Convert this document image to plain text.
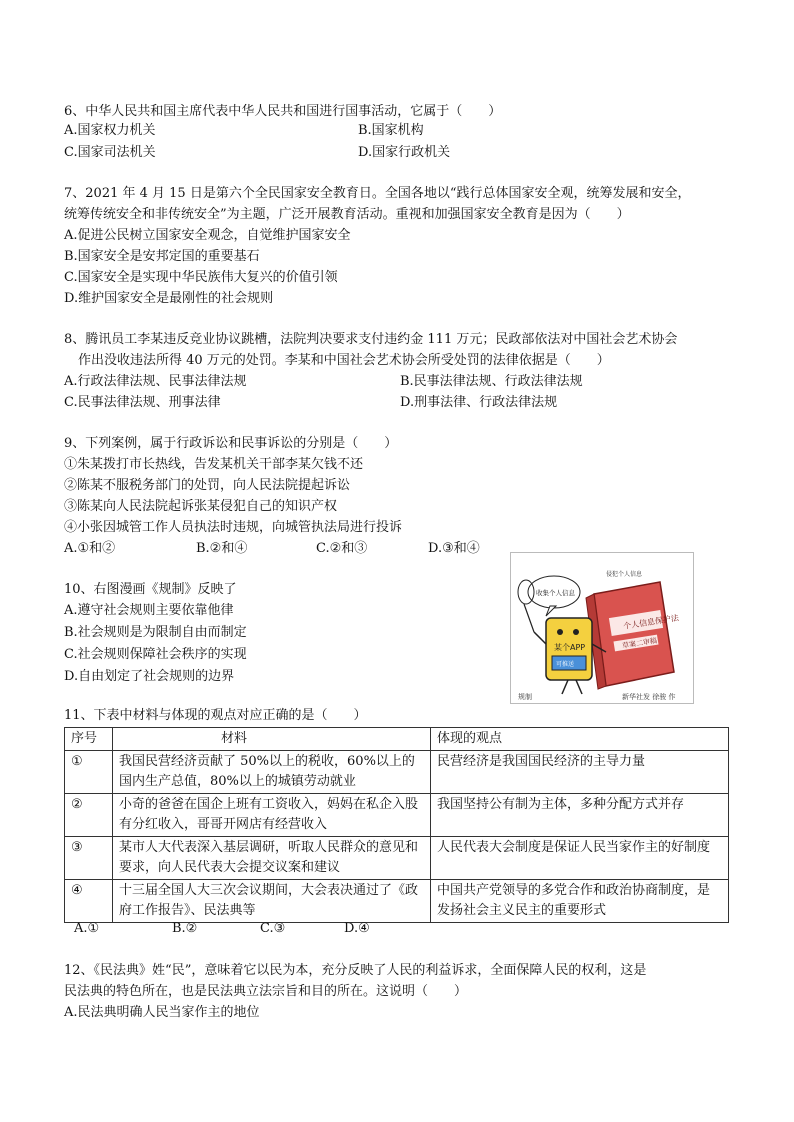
6、中华人民共和国主席代表中华人民共和国进行国事活动，它属于（　　）
A.国家权力机关	B.国家机构
C.国家司法机关	D.国家行政机关
7、2021 年 4 月 15 日是第六个全民国家安全教育日。全国各地以“践行总体国家安全观，统筹发展和安全，
统筹传统安全和非传统安全”为主题，广泛开展教育活动。重视和加强国家安全教育是因为（　　）
A.促进公民树立国家安全观念，自觉维护国家安全
B.国家安全是安邦定国的重要基石
C.国家安全是实现中华民族伟大复兴的价值引领
D.维护国家安全是最刚性的社会规则
8、腾讯员工李某违反竞业协议跳槽，法院判决要求支付违约金 111 万元；民政部依法对中国社会艺术协会
作出没收违法所得 40 万元的处罚。李某和中国社会艺术协会所受处罚的法律依据是（　　）
A.行政法律法规、民事法律法规	B.民事法律法规、行政法律法规
C.民事法律法规、刑事法律	D.刑事法律、行政法律法规
9、下列案例，属于行政诉讼和民事诉讼的分别是（　　）
①朱某拨打市长热线，告发某机关干部李某欠钱不还
②陈某不服税务部门的处罚，向人民法院提起诉讼
③陈某向人民法院起诉张某侵犯自己的知识产权
④小张因城管工作人员执法时违规，向城管执法局进行投诉
A.①和②	B.②和④	C.②和③	D.③和④
10、右图漫画《规制》反映了
A.遵守社会规则主要依靠他律
B.社会规则是为限制自由而制定
C.社会规则保障社会秩序的实现
D.自由划定了社会规则的边界
个人信息保护法
草案二审稿
侵犯个人信息
收集个人信息
某个APP
可推送
规制	新华社发 徐骏 作
11、下表中材料与体现的观点对应正确的是（　　）
序号	材料	体现的观点
①	我国民营经济贡献了 50%以上的税收，60%以上的国内生产总值，80%以上的城镇劳动就业	民营经济是我国国民经济的主导力量
②	小奇的爸爸在国企上班有工资收入，妈妈在私企入股有分红收入，哥哥开网店有经营收入	我国坚持公有制为主体，多种分配方式并存
③	某市人大代表深入基层调研，听取人民群众的意见和要求，向人民代表大会提交议案和建议	人民代表大会制度是保证人民当家作主的好制度
④	十三届全国人大三次会议期间，大会表决通过了《政府工作报告》、民法典等	中国共产党领导的多党合作和政治协商制度，是发扬社会主义民主的重要形式
A.①	B.②	C.③	D.④
12、《民法典》姓“民”，意味着它以民为本，充分反映了人民的利益诉求，全面保障人民的权利，这是
民法典的特色所在，也是民法典立法宗旨和目的所在。这说明（　　）
A.民法典明确人民当家作主的地位
